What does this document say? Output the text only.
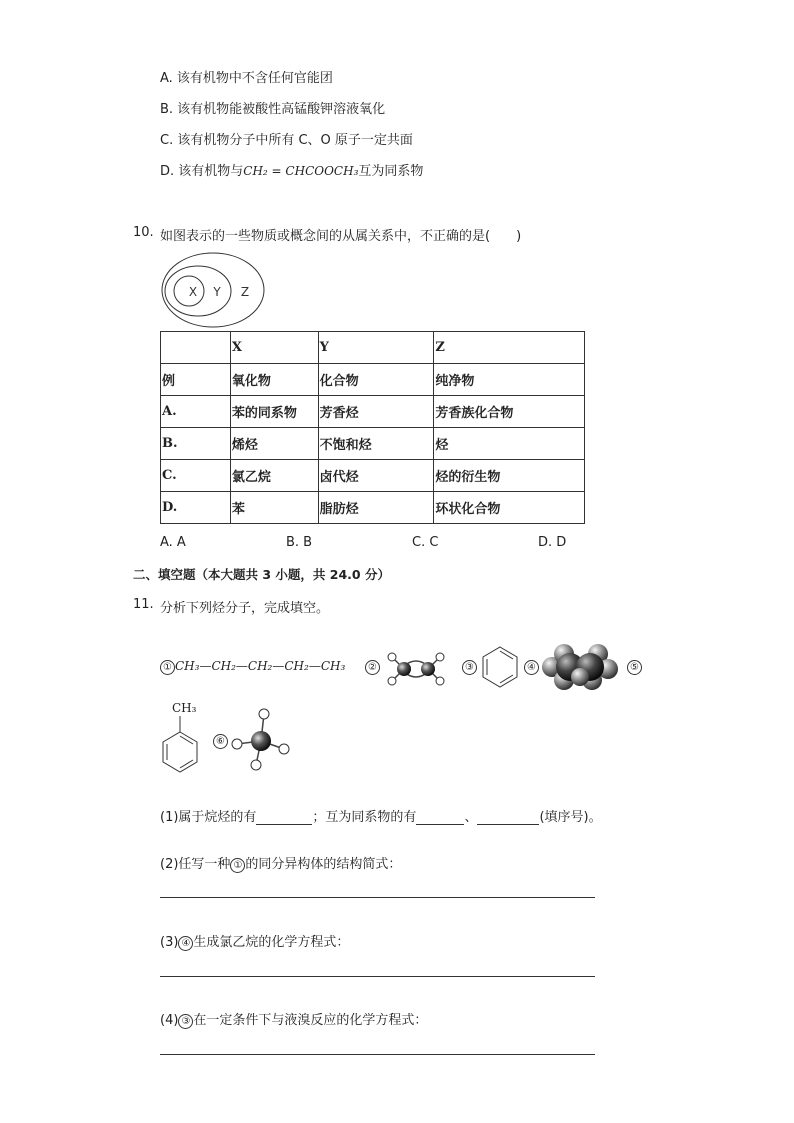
A. 该有机物中不含任何官能团
B. 该有机物能被酸性高锰酸钾溶液氧化
C. 该有机物分子中所有 C、O 原子一定共面
D. 该有机物与CH₂ = CHCOOCH₃互为同系物
10. 如图表示的一些物质或概念间的从属关系中，不正确的是(　　)
X Y Z
	X	Y	Z
例	氧化物	化合物	纯净物
A.	苯的同系物	芳香烃	芳香族化合物
B.	烯烃	不饱和烃	烃
C.	氯乙烷	卤代烃	烃的衍生物
D.	苯	脂肪烃	环状化合物
A. A	B. B	C. C	D. D
二、填空题（本大题共 3 小题，共 24.0 分）
11. 分析下列烃分子，完成填空。
① CH₃—CH₂—CH₂—CH₂—CH₃	②	③	④	⑤
CH₃
⑥
(1)属于烷烃的有	；互为同系物的有	、	(填序号)。
(2)任写一种 ① 的同分异构体的结构简式：
(3) ④ 生成氯乙烷的化学方程式：
(4) ③ 在一定条件下与液溴反应的化学方程式：
